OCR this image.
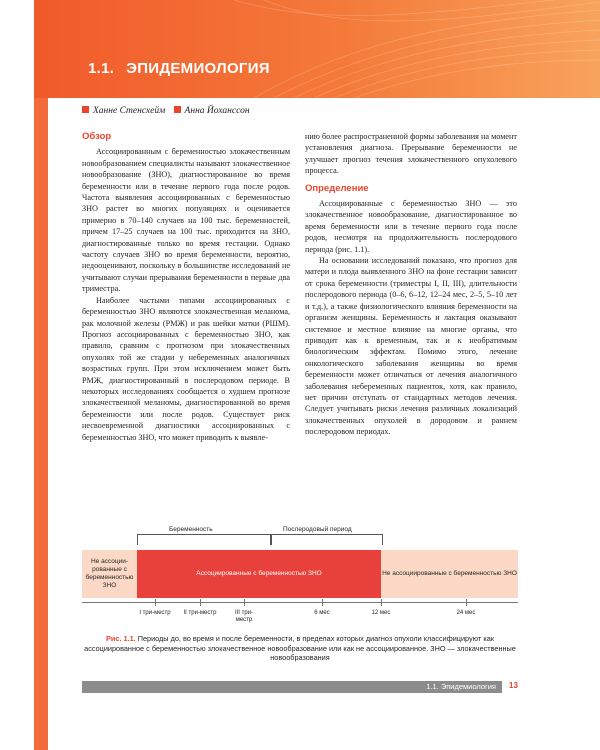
1.1. ЭПИДЕМИОЛОГИЯ
Ханне Стенсхейм Анна Йоханссон
Обзор

Ассоциированным с беременностью злокачественным новообразованием специалисты называют злокачественное новообразование (ЗНО), диагностированное во время беременности или в течение первого года после родов. Частота выявления ассоциированных с беременностью ЗНО растет во многих популяциях и оценивается примерно в 70–140 случаев на 100 тыс. беременностей, причем 17–25 случаев на 100 тыс. приходится на ЗНО, диагностированные только во время гестации. Однако частоту случаев ЗНО во время беременности, вероятно, недооценивают, поскольку в большинстве исследований не учитывают случаи прерывания беременности в первые два триместра.

Наиболее частыми типами ассоциированных с беременностью ЗНО являются злокачественная меланома, рак молочной железы (РМЖ) и рак шейки матки (РШМ). Прогноз ассоциированных с беременностью ЗНО, как правило, сравним с прогнозом при злокачественных опухолях той же стадии у небеременных аналогичных возрастных групп. При этом исключением может быть РМЖ, диагностированный в послеродовом периоде. В некоторых исследованиях сообщается о худшем прогнозе злокачественной меланомы, диагностированной во время беременности или после родов. Существует риск несвоевременной диагностики ассоциированных с беременностью ЗНО, что может приводить к выявле-

нию более распространенной формы заболевания на момент установления диагноза. Прерывание беременности не улучшает прогноз течения злокачественного опухолевого процесса.

Определение

Ассоциированные с беременностью ЗНО — это злокачественное новообразование, диагностированное во время беременности или в течение первого года после родов, несмотря на продолжительность послеродового периода (рис. 1.1).

На основании исследований показано, что прогноз для матери и плода выявленного ЗНО на фоне гестации зависит от срока беременности (триместры I, II, III), длительности послеродового периода (0–6, 6–12, 12–24 мес, 2–5, 5–10 лет и т.д.), а также физиологического влияния беременности на организм женщины. Беременность и лактация оказывают системное и местное влияние на многие органы, что приводит как к временным, так и к необратимым биологическим эффектам. Помимо этого, лечение онкологического заболевания женщины во время беременности может отличаться от лечения аналогичного заболевания небеременных пациенток, хотя, как правило, нет причин отступать от стандартных методов лечения. Следует учитывать риски лечения различных локализаций злокачественных опухолей в дородовом и раннем послеродовом периодах.

Беременность	Послеродовый период
Не ассоции-рованные с беременностью ЗНО
Ассоциированные с беременностью ЗНО	Не ассоциированные с беременностью ЗНО
I три-местр II три-местр	III три-местр
6 мес	12 мес	24 мес
Рис. 1.1. Периоды до, во время и после беременности, в пределах которых диагноз опухоли классифицируют как ассоциированное с беременностью злокачественное новообразование или как не ассоциированное. ЗНО — злокачественные новообразования
1.1. Эпидемиология 13
